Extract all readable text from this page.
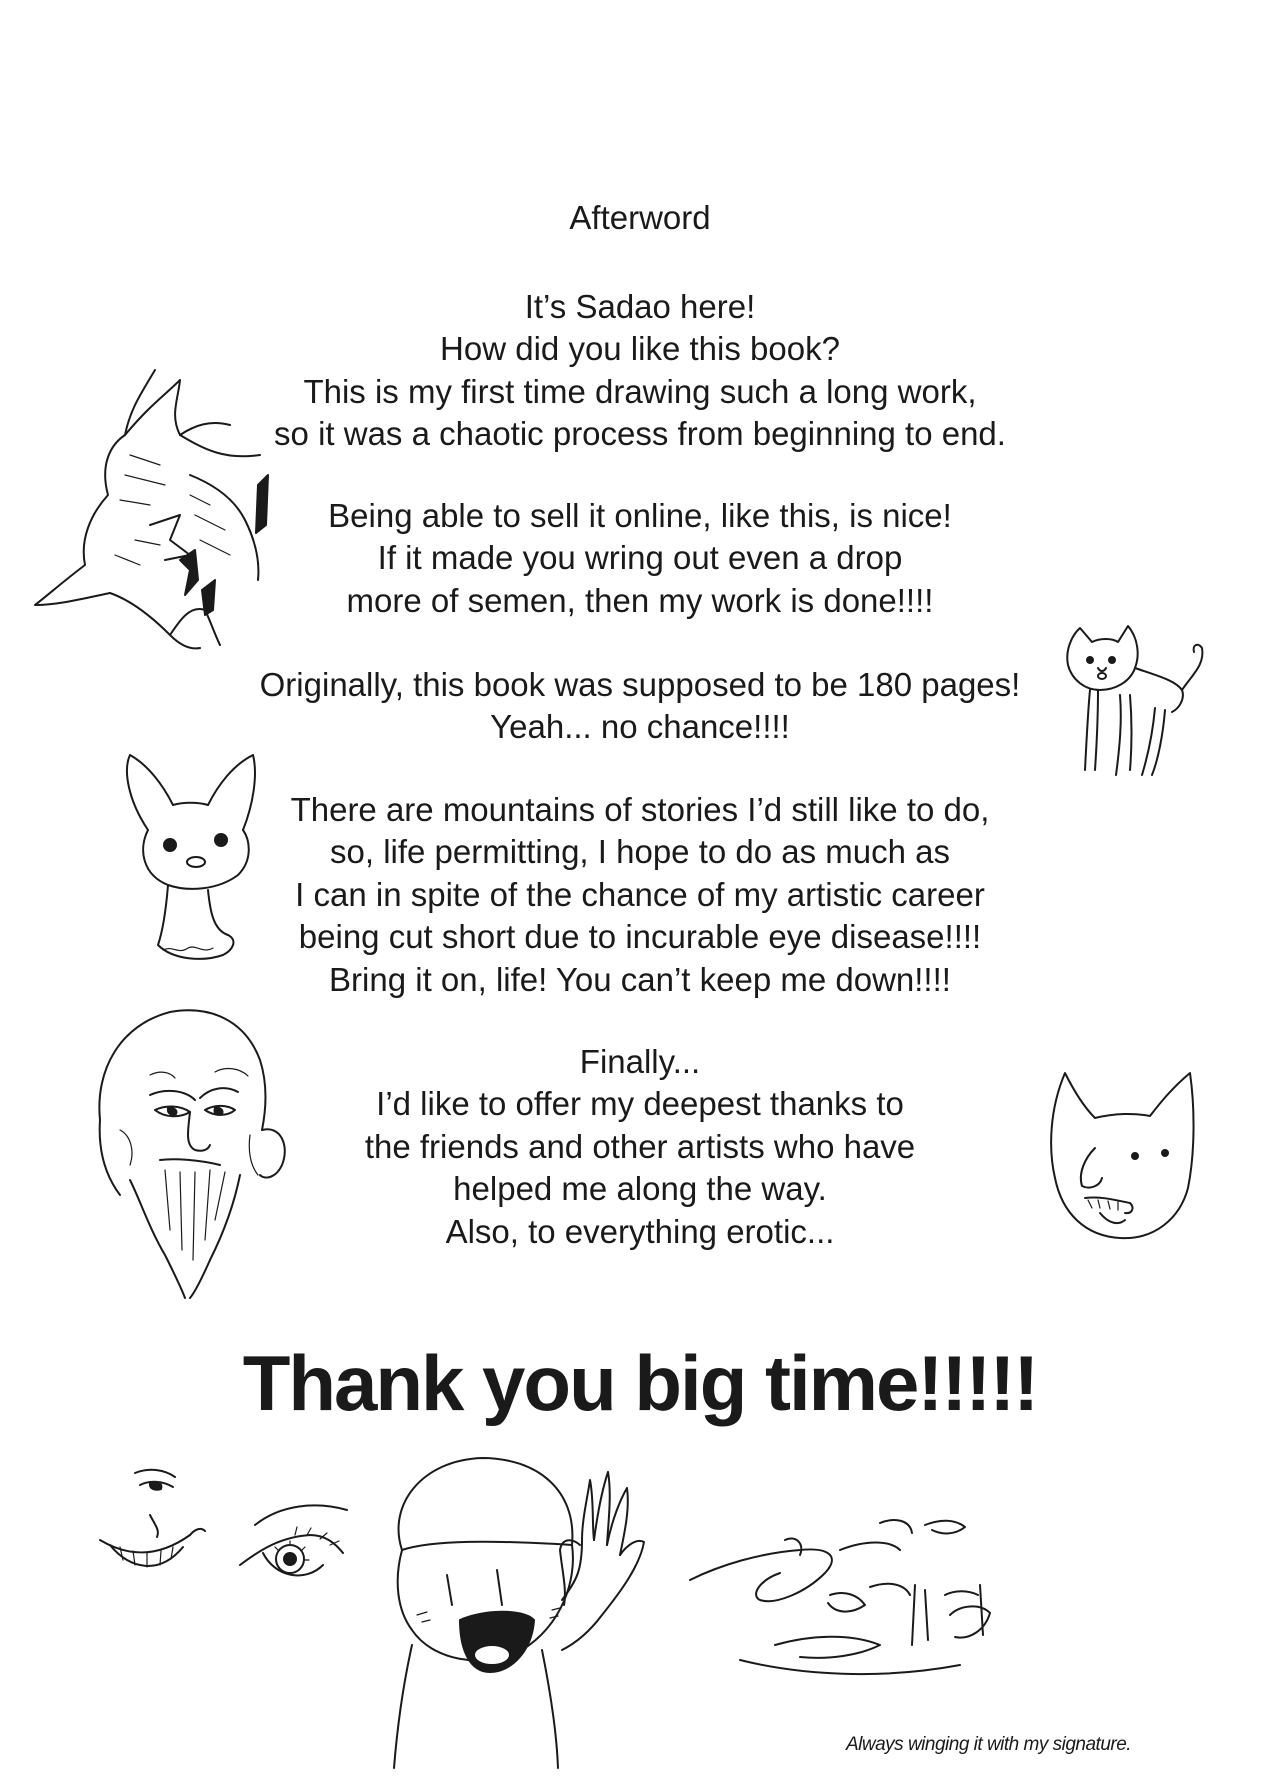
Afterword

It’s Sadao here!
How did you like this book?
This is my first time drawing such a long work,
so it was a chaotic process from beginning to end.

Being able to sell it online, like this, is nice!
If it made you wring out even a drop
more of semen, then my work is done!!!!

Originally, this book was supposed to be 180 pages!
Yeah... no chance!!!!

There are mountains of stories I’d still like to do,
so, life permitting, I hope to do as much as
I can in spite of the chance of my artistic career
being cut short due to incurable eye disease!!!!
Bring it on, life! You can’t keep me down!!!!

Finally...
I’d like to offer my deepest thanks to
the friends and other artists who have
helped me along the way.
Also, to everything erotic...

Thank you big time!!!!!
Always winging it with my signature.
